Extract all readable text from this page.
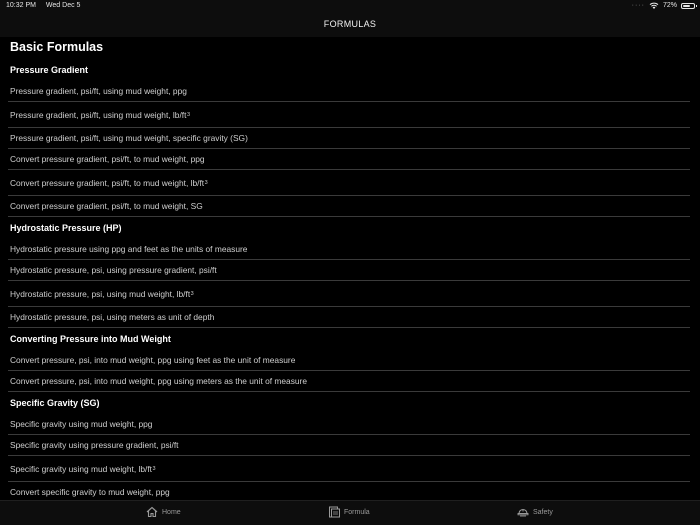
10:32 PM Wed Dec 5	····	72%
FORMULAS
Basic Formulas
Pressure Gradient
Pressure gradient, psi/ft, using mud weight, ppg
Pressure gradient, psi/ft, using mud weight, lb/ft 3
Pressure gradient, psi/ft, using mud weight, specific gravity (SG)
Convert pressure gradient, psi/ft, to mud weight, ppg
Convert pressure gradient, psi/ft, to mud weight, lb/ft 3
Convert pressure gradient, psi/ft, to mud weight, SG
Hydrostatic Pressure (HP)
Hydrostatic pressure using ppg and feet as the units of measure
Hydrostatic pressure, psi, using pressure gradient, psi/ft
Hydrostatic pressure, psi, using mud weight, lb/ft 3
Hydrostatic pressure, psi, using meters as unit of depth
Converting Pressure into Mud Weight
Convert pressure, psi, into mud weight, ppg using feet as the unit of measure
Convert pressure, psi, into mud weight, ppg using meters as the unit of measure
Specific Gravity (SG)
Specific gravity using mud weight, ppg
Specific gravity using pressure gradient, psi/ft
Specific gravity using mud weight, lb/ft 3
Convert specific gravity to mud weight, ppg
Home	Formula	Safety
